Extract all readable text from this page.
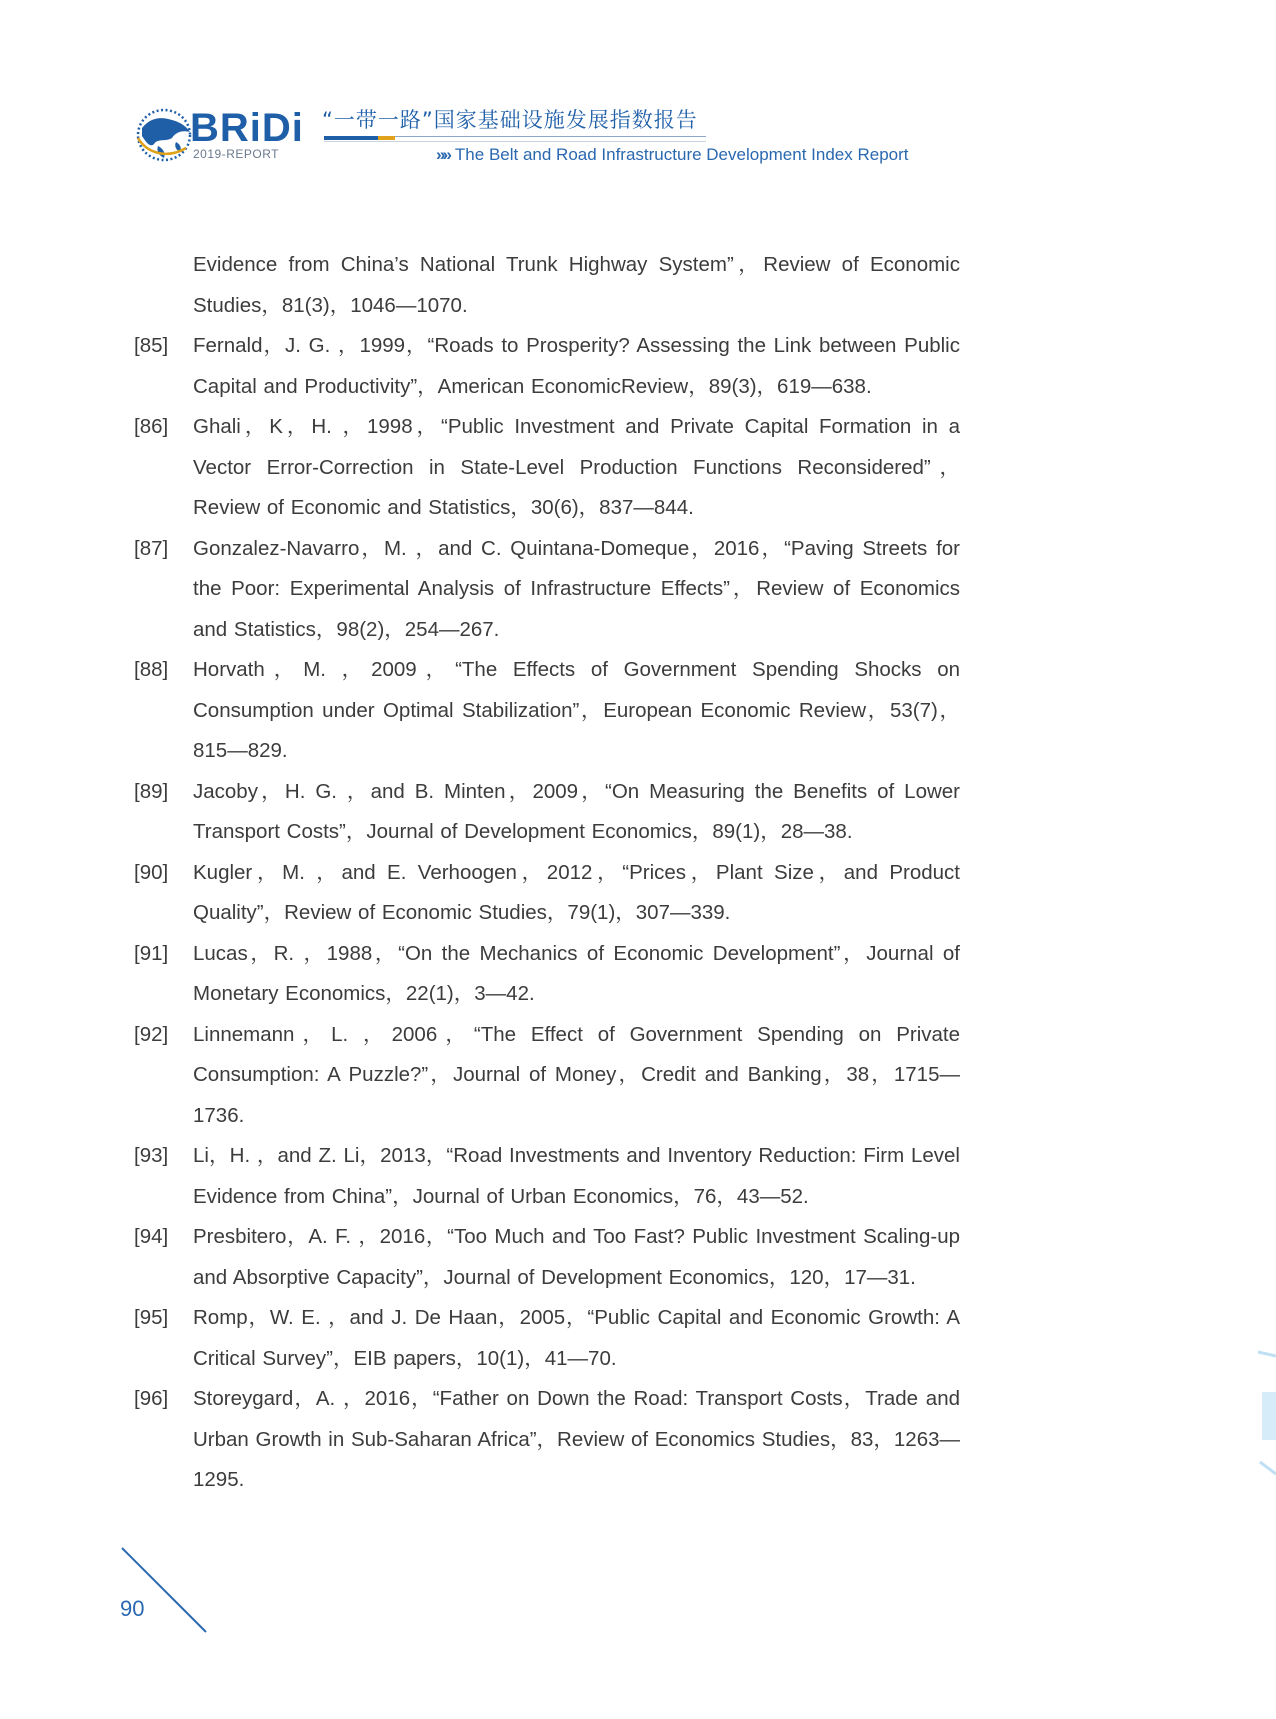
BRiDi
2019-REPORT
“一带一路”国家基础设施发展指数报告
»» The Belt and Road Infrastructure Development Index Report
Evidence from China’s National Trunk Highway System”，Review of Economic Studies，81(3)，1046—1070.
[85] Fernald，J. G. ，1999，“Roads to Prosperity? Assessing the Link between Public Capital and Productivity”，American EconomicReview，89(3)，619—638.
[86] Ghali，K，H. ，1998，“Public Investment and Private Capital Formation in a Vector Error-Correction in State-Level Production Functions Reconsidered”，Review of Economic and Statistics，30(6)，837—844.
[87] Gonzalez-Navarro，M. ，and C. Quintana-Domeque，2016，“Paving Streets for the Poor: Experimental Analysis of Infrastructure Effects”，Review of Economics and Statistics，98(2)，254—267.
[88] Horvath，M. ，2009，“The Effects of Government Spending Shocks on Consumption under Optimal Stabilization”，European Economic Review，53(7)，815—829.
[89] Jacoby，H. G. ，and B. Minten，2009，“On Measuring the Benefits of Lower Transport Costs”，Journal of Development Economics，89(1)，28—38.
[90] Kugler，M. ，and E. Verhoogen，2012，“Prices，Plant Size，and Product Quality”，Review of Economic Studies，79(1)，307—339.
[91] Lucas，R. ，1988，“On the Mechanics of Economic Development”，Journal of Monetary Economics，22(1)，3—42.
[92] Linnemann，L. ，2006，“The Effect of Government Spending on Private Consumption: A Puzzle?”，Journal of Money，Credit and Banking，38，1715—1736.
[93] Li，H. ，and Z. Li，2013，“Road Investments and Inventory Reduction: Firm Level Evidence from China”，Journal of Urban Economics，76，43—52.
[94] Presbitero，A. F. ，2016，“Too Much and Too Fast? Public Investment Scaling-up and Absorptive Capacity”，Journal of Development Economics，120，17—31.
[95] Romp，W. E. ，and J. De Haan，2005，“Public Capital and Economic Growth: A Critical Survey”，EIB papers，10(1)，41—70.
[96] Storeygard，A. ，2016，“Father on Down the Road: Transport Costs，Trade and Urban Growth in Sub-Saharan Africa”，Review of Economics Studies，83，1263—1295.
90
